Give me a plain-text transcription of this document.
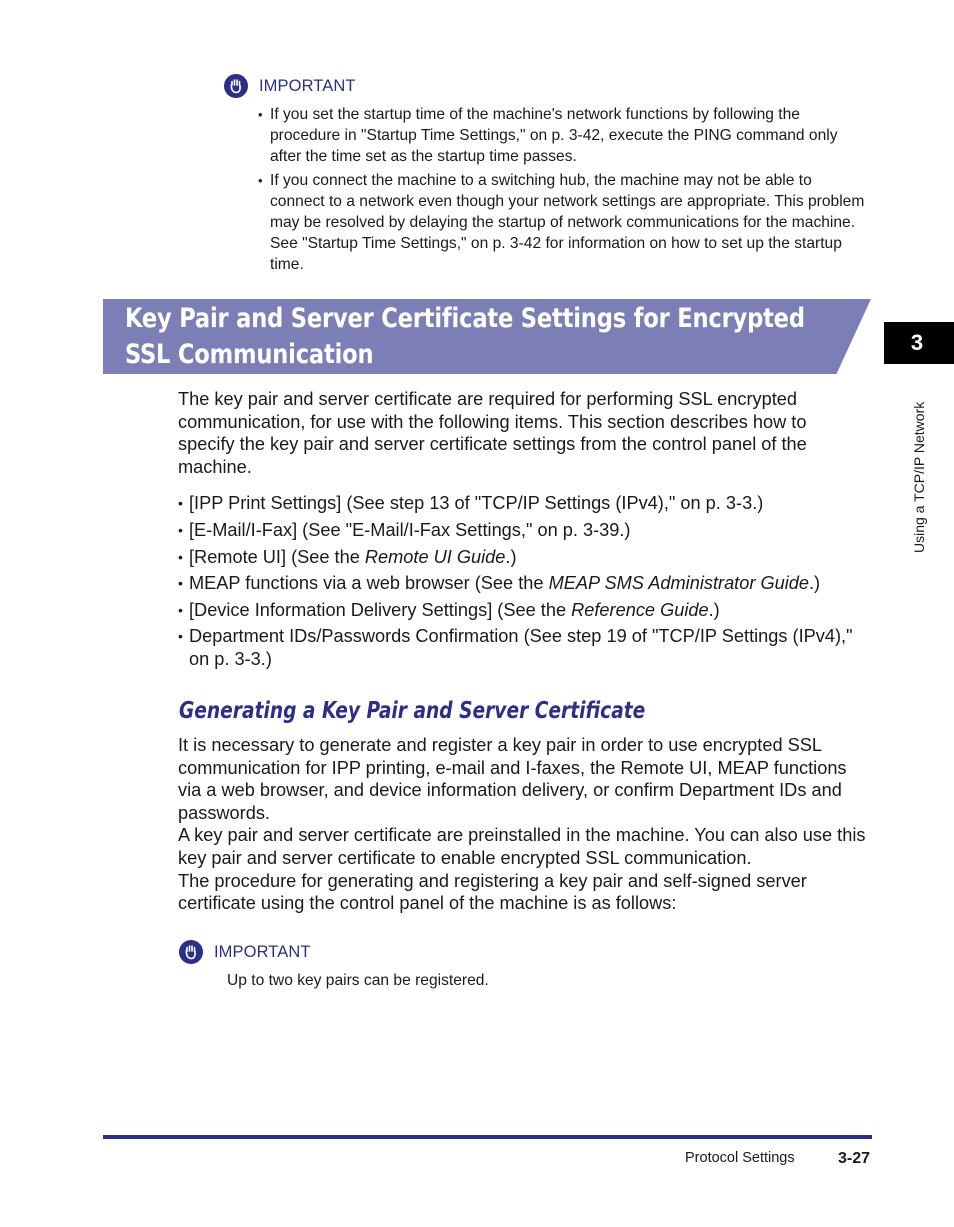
IMPORTANT
• If you set the startup time of the machine's network functions by following the procedure in "Startup Time Settings," on p. 3-42, execute the PING command only after the time set as the startup time passes.
• If you connect the machine to a switching hub, the machine may not be able to connect to a network even though your network settings are appropriate. This problem may be resolved by delaying the startup of network communications for the machine. See "Startup Time Settings," on p. 3-42 for information on how to set up the startup time.
Key Pair and Server Certificate Settings for Encrypted SSL Communication

The key pair and server certificate are required for performing SSL encrypted communication, for use with the following items. This section describes how to specify the key pair and server certificate settings from the control panel of the machine.

• [IPP Print Settings] (See step 13 of "TCP/IP Settings (IPv4)," on p. 3-3.)
• [E-Mail/I-Fax] (See "E-Mail/I-Fax Settings," on p. 3-39.)
• [Remote UI] (See the Remote UI Guide.)
• MEAP functions via a web browser (See the MEAP SMS Administrator Guide.)
• [Device Information Delivery Settings] (See the Reference Guide.)
• Department IDs/Passwords Confirmation (See step 19 of "TCP/IP Settings (IPv4)," on p. 3-3.)
Generating a Key Pair and Server Certificate

It is necessary to generate and register a key pair in order to use encrypted SSL communication for IPP printing, e-mail and I-faxes, the Remote UI, MEAP functions via a web browser, and device information delivery, or confirm Department IDs and passwords.

A key pair and server certificate are preinstalled in the machine. You can also use this key pair and server certificate to enable encrypted SSL communication.

The procedure for generating and registering a key pair and self-signed server certificate using the control panel of the machine is as follows:

IMPORTANT
Up to two key pairs can be registered.
3
Using a TCP/IP Network
Protocol Settings	3-27
